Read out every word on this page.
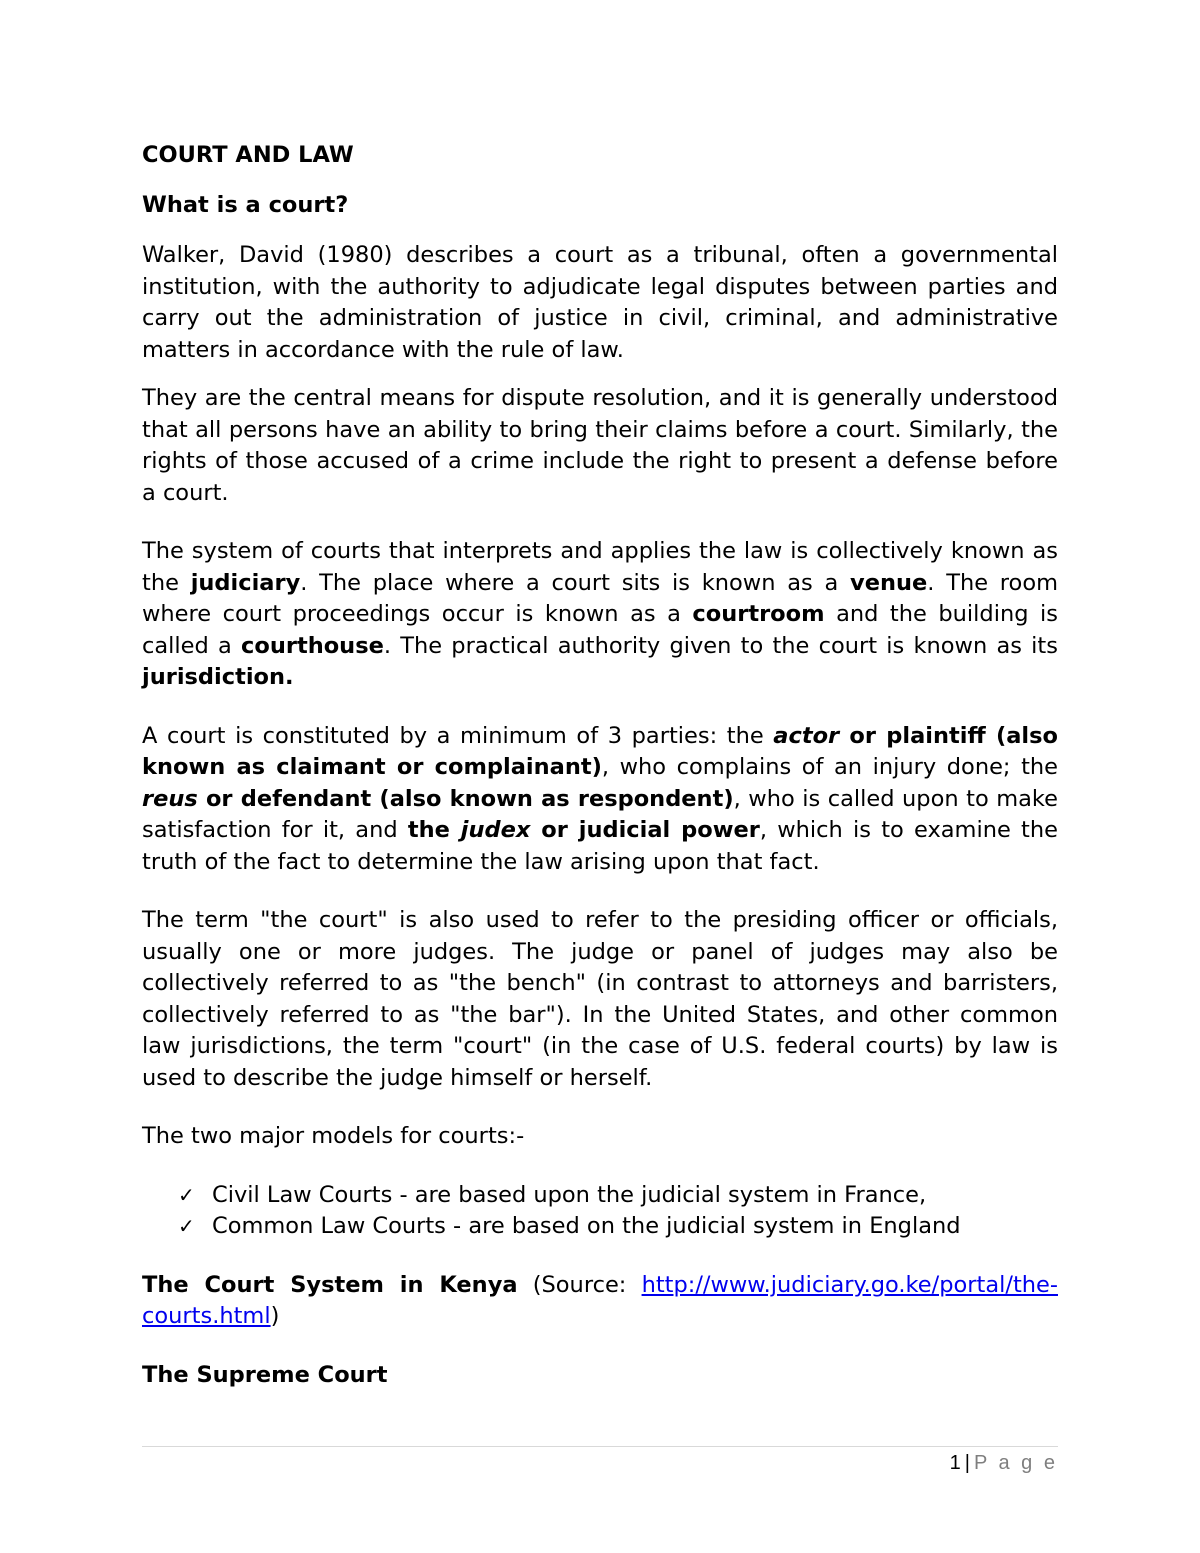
COURT AND LAW

What is a court?

Walker, David (1980) describes a court as a tribunal, often a governmental institution, with the authority to adjudicate legal disputes between parties and carry out the administration of justice in civil, criminal, and administrative matters in accordance with the rule of law.

They are the central means for dispute resolution, and it is generally understood that all persons have an ability to bring their claims before a court. Similarly, the rights of those accused of a crime include the right to present a defense before a court.

The system of courts that interprets and applies the law is collectively known as the judiciary. The place where a court sits is known as a venue. The room where court proceedings occur is known as a courtroom and the building is called a courthouse. The practical authority given to the court is known as its jurisdiction.

A court is constituted by a minimum of 3 parties: the actor or plaintiff (also known as claimant or complainant), who complains of an injury done; the reus or defendant (also known as respondent), who is called upon to make satisfaction for it, and the judex or judicial power, which is to examine the truth of the fact to determine the law arising upon that fact.

The term "the court" is also used to refer to the presiding officer or officials, usually one or more judges. The judge or panel of judges may also be collectively referred to as "the bench" (in contrast to attorneys and barristers, collectively referred to as "the bar"). In the United States, and other common law jurisdictions, the term "court" (in the case of U.S. federal courts) by law is used to describe the judge himself or herself.

The two major models for courts:-

✓ Civil Law Courts - are based upon the judicial system in France,
✓ Common Law Courts - are based on the judicial system in England

The Court System in Kenya (Source: http://www.judiciary.go.ke/portal/the-courts.html)

The Supreme Court

1 | P a g e
